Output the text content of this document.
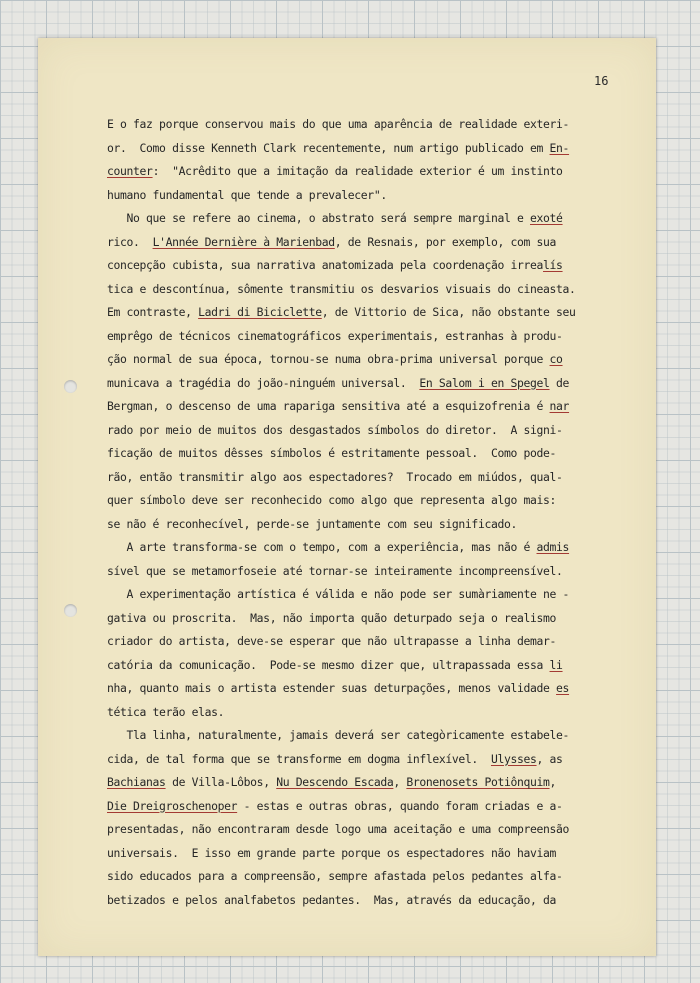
16
E o faz porque conservou mais do que uma aparência de realidade exteri-
or.  Como disse Kenneth Clark recentemente, num artigo publicado em En-
counter:  "Acrêdito que a imitação da realidade exterior é um instinto
humano fundamental que tende a prevalecer".
No que se refere ao cinema, o abstrato será sempre marginal e exoté
rico.  L'Année Dernière à Marienbad, de Resnais, por exemplo, com sua
concepção cubista, sua narrativa anatomizada pela coordenação irrealís
tica e descontínua, sômente transmitiu os desvarios visuais do cineasta.
Em contraste, Ladri di Biciclette, de Vittorio de Sica, não obstante seu
emprêgo de técnicos cinematográficos experimentais, estranhas à produ-
ção normal de sua época, tornou-se numa obra-prima universal porque co
municava a tragédia do joão-ninguém universal.  En Salom i en Spegel de
Bergman, o descenso de uma rapariga sensitiva até a esquizofrenia é nar
rado por meio de muitos dos desgastados símbolos do diretor.  A signi-
ficação de muitos dêsses símbolos é estritamente pessoal.  Como pode-
rão, então transmitir algo aos espectadores?  Trocado em miúdos, qual-
quer símbolo deve ser reconhecido como algo que representa algo mais:
se não é reconhecível, perde-se juntamente com seu significado.
A arte transforma-se com o tempo, com a experiência, mas não é admis
sível que se metamorfoseie até tornar-se inteiramente incompreensível.
A experimentação artística é válida e não pode ser sumàriamente ne -
gativa ou proscrita.  Mas, não importa quão deturpado seja o realismo
criador do artista, deve-se esperar que não ultrapasse a linha demar-
catória da comunicação.  Pode-se mesmo dizer que, ultrapassada essa li
nha, quanto mais o artista estender suas deturpações, menos validade es
tética terão elas.
Tla linha, naturalmente, jamais deverá ser categòricamente estabele-
cida, de tal forma que se transforme em dogma inflexível.  Ulysses, as
Bachianas de Villa-Lôbos, Nu Descendo Escada, Bronenosets Potiônquim,
Die Dreigroschenoper - estas e outras obras, quando foram criadas e a-
presentadas, não encontraram desde logo uma aceitação e uma compreensão
universais.  E isso em grande parte porque os espectadores não haviam
sido educados para a compreensão, sempre afastada pelos pedantes alfa-
betizados e pelos analfabetos pedantes.  Mas, através da educação, da
